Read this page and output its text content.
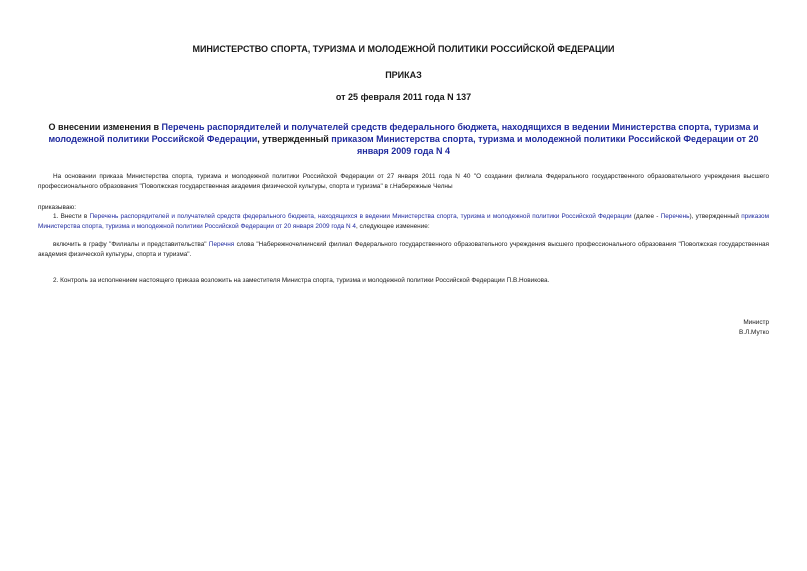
МИНИСТЕРСТВО СПОРТА, ТУРИЗМА И МОЛОДЕЖНОЙ ПОЛИТИКИ РОССИЙСКОЙ ФЕДЕРАЦИИ

ПРИКАЗ

от 25 февраля 2011 года N 137

О внесении изменения в Перечень распорядителей и получателей средств федерального бюджета, находящихся в ведении Министерства спорта, туризма и молодежной политики Российской Федерации, утвержденный приказом Министерства спорта, туризма и молодежной политики Российской Федерации от 20 января 2009 года N 4
На основании приказа Министерства спорта, туризма и молодежной политики Российской Федерации от 27 января 2011 года N 40 "О создании филиала Федерального государственного образовательного учреждения высшего профессионального образования "Поволжская государственная академия физической культуры, спорта и туризма" в г.Набережные Челны
приказываю:
1. Внести в Перечень распорядителей и получателей средств федерального бюджета, находящихся в ведении Министерства спорта, туризма и молодежной политики Российской Федерации (далее - Перечень), утвержденный приказом Министерства спорта, туризма и молодежной политики Российской Федерации от 20 января 2009 года N 4, следующее изменение:
включить в графу "Филиалы и представительства" Перечня слова "Набережночелнинский филиал Федерального государственного образовательного учреждения высшего профессионального образования "Поволжская государственная академия физической культуры, спорта и туризма".
2. Контроль за исполнением настоящего приказа возложить на заместителя Министра спорта, туризма и молодежной политики Российской Федерации П.В.Новикова.
Министр
В.Л.Мутко
